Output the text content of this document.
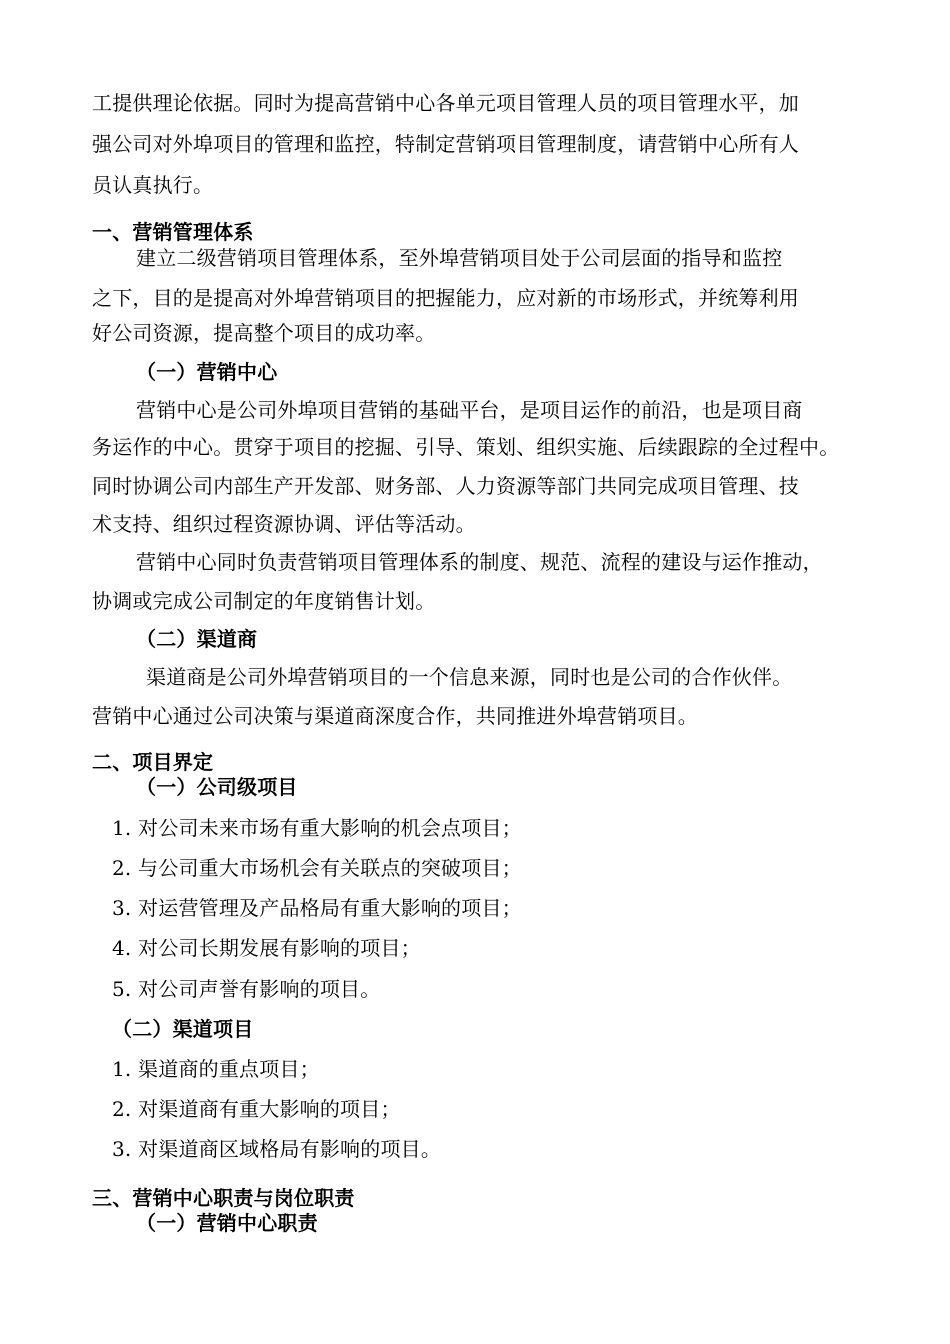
工提供理论依据。同时为提高营销中心各单元项目管理人员的项目管理水平，加
强公司对外埠项目的管理和监控，特制定营销项目管理制度，请营销中心所有人
员认真执行。
一、营销管理体系
建立二级营销项目管理体系，至外埠营销项目处于公司层面的指导和监控
之下，目的是提高对外埠营销项目的把握能力，应对新的市场形式，并统筹利用
好公司资源，提高整个项目的成功率。
（一）营销中心
营销中心是公司外埠项目营销的基础平台，是项目运作的前沿，也是项目商
务运作的中心。贯穿于项目的挖掘、引导、策划、组织实施、后续跟踪的全过程中。
同时协调公司内部生产开发部、财务部、人力资源等部门共同完成项目管理、技
术支持、组织过程资源协调、评估等活动。
营销中心同时负责营销项目管理体系的制度、规范、流程的建设与运作推动，
协调或完成公司制定的年度销售计划。
（二）渠道商
渠道商是公司外埠营销项目的一个信息来源，同时也是公司的合作伙伴。
营销中心通过公司决策与渠道商深度合作，共同推进外埠营销项目。
二、项目界定
（一）公司级项目
1. 对公司未来市场有重大影响的机会点项目；
2. 与公司重大市场机会有关联点的突破项目；
3. 对运营管理及产品格局有重大影响的项目；
4. 对公司长期发展有影响的项目；
5. 对公司声誉有影响的项目。
（二）渠道项目
1. 渠道商的重点项目；
2. 对渠道商有重大影响的项目；
3. 对渠道商区域格局有影响的项目。
三、营销中心职责与岗位职责
（一）营销中心职责
